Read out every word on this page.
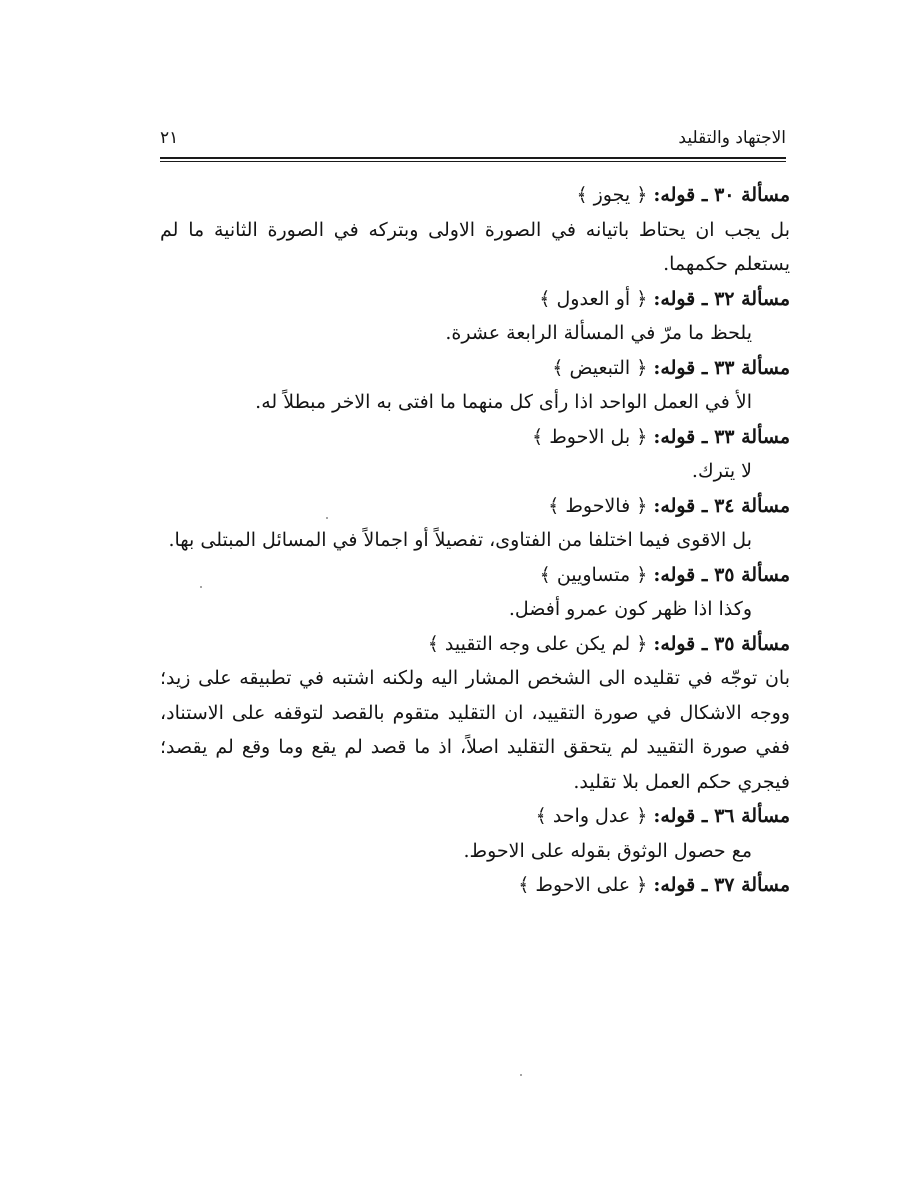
الاجتهاد والتقليد
٢١

مسألة ٣٠ ـ قوله: ﴿ يجوز ﴾

بل يجب ان يحتاط باتيانه في الصورة الاولى وبتركه في الصورة الثانية ما لم يستعلم حكمهما.

مسألة ٣٢ ـ قوله: ﴿ أو العدول ﴾

يلحظ ما مرّ في المسألة الرابعة عشرة.

مسألة ٣٣ ـ قوله: ﴿ التبعيض ﴾

الأ في العمل الواحد اذا رأى كل منهما ما افتى به الاخر مبطلاً له.

مسألة ٣٣ ـ قوله: ﴿ بل الاحوط ﴾

لا يترك.

مسألة ٣٤ ـ قوله: ﴿ فالاحوط ﴾

بل الاقوى فيما اختلفا من الفتاوى، تفصيلاً أو اجمالاً في المسائل المبتلى بها.

مسألة ٣٥ ـ قوله: ﴿ متساويين ﴾

وكذا اذا ظهر كون عمرو أفضل.

مسألة ٣٥ ـ قوله: ﴿ لم يكن على وجه التقييد ﴾

بان توجّه في تقليده الى الشخص المشار اليه ولكنه اشتبه في تطبيقه على زيد؛ ووجه الاشكال في صورة التقييد، ان التقليد متقوم بالقصد لتوقفه على الاستناد، ففي صورة التقييد لم يتحقق التقليد اصلاً، اذ ما قصد لم يقع وما وقع لم يقصد؛ فيجري حكم العمل بلا تقليد.

مسألة ٣٦ ـ قوله: ﴿ عدل واحد ﴾

مع حصول الوثوق بقوله على الاحوط.

مسألة ٣٧ ـ قوله: ﴿ على الاحوط ﴾
